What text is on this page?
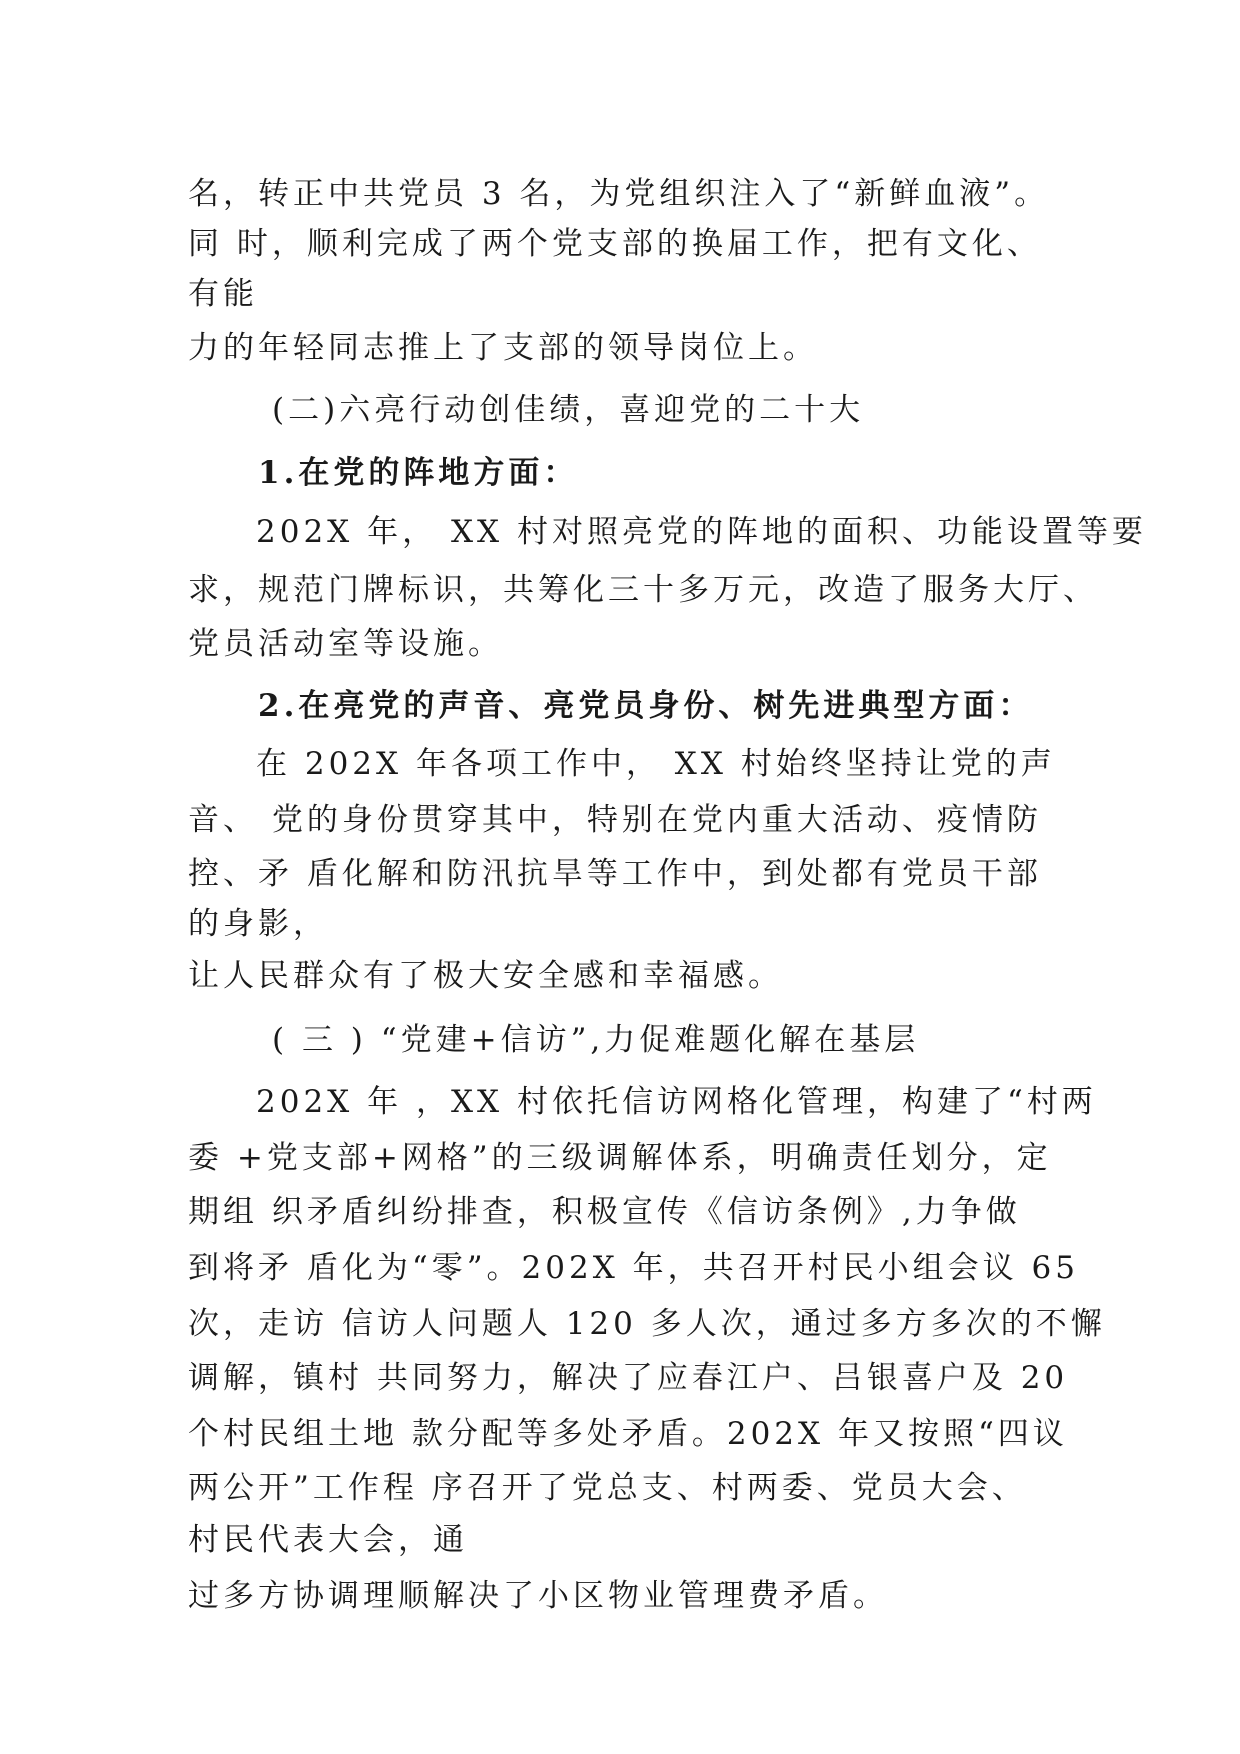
名，转正中共党员 3 名，为党组织注入了“新鲜血液”。
同 时，顺利完成了两个党支部的换届工作，把有文化、
有能
力的年轻同志推上了支部的领导岗位上。
(二)六亮行动创佳绩，喜迎党的二十大
1.在党的阵地方面：
202X 年， XX 村对照亮党的阵地的面积、功能设置等要
求，规范门牌标识，共筹化三十多万元，改造了服务大厅、
党员活动室等设施。
2.在亮党的声音、亮党员身份、树先进典型方面：
在 202X 年各项工作中， XX 村始终坚持让党的声
音、 党的身份贯穿其中，特别在党内重大活动、疫情防
控、矛 盾化解和防汛抗旱等工作中，到处都有党员干部
的身影，
让人民群众有了极大安全感和幸福感。
( 三 ) “党建+信访”,力促难题化解在基层
202X 年 ，XX 村依托信访网格化管理，构建了“村两
委 +党支部+网格”的三级调解体系，明确责任划分，定
期组 织矛盾纠纷排查，积极宣传《信访条例》,力争做
到将矛 盾化为“零”。202X 年，共召开村民小组会议 65
次，走访 信访人问题人 120 多人次，通过多方多次的不懈
调解，镇村 共同努力，解决了应春江户、吕银喜户及 20
个村民组土地 款分配等多处矛盾。202X 年又按照“四议
两公开”工作程 序召开了党总支、村两委、党员大会、
村民代表大会，通
过多方协调理顺解决了小区物业管理费矛盾。
